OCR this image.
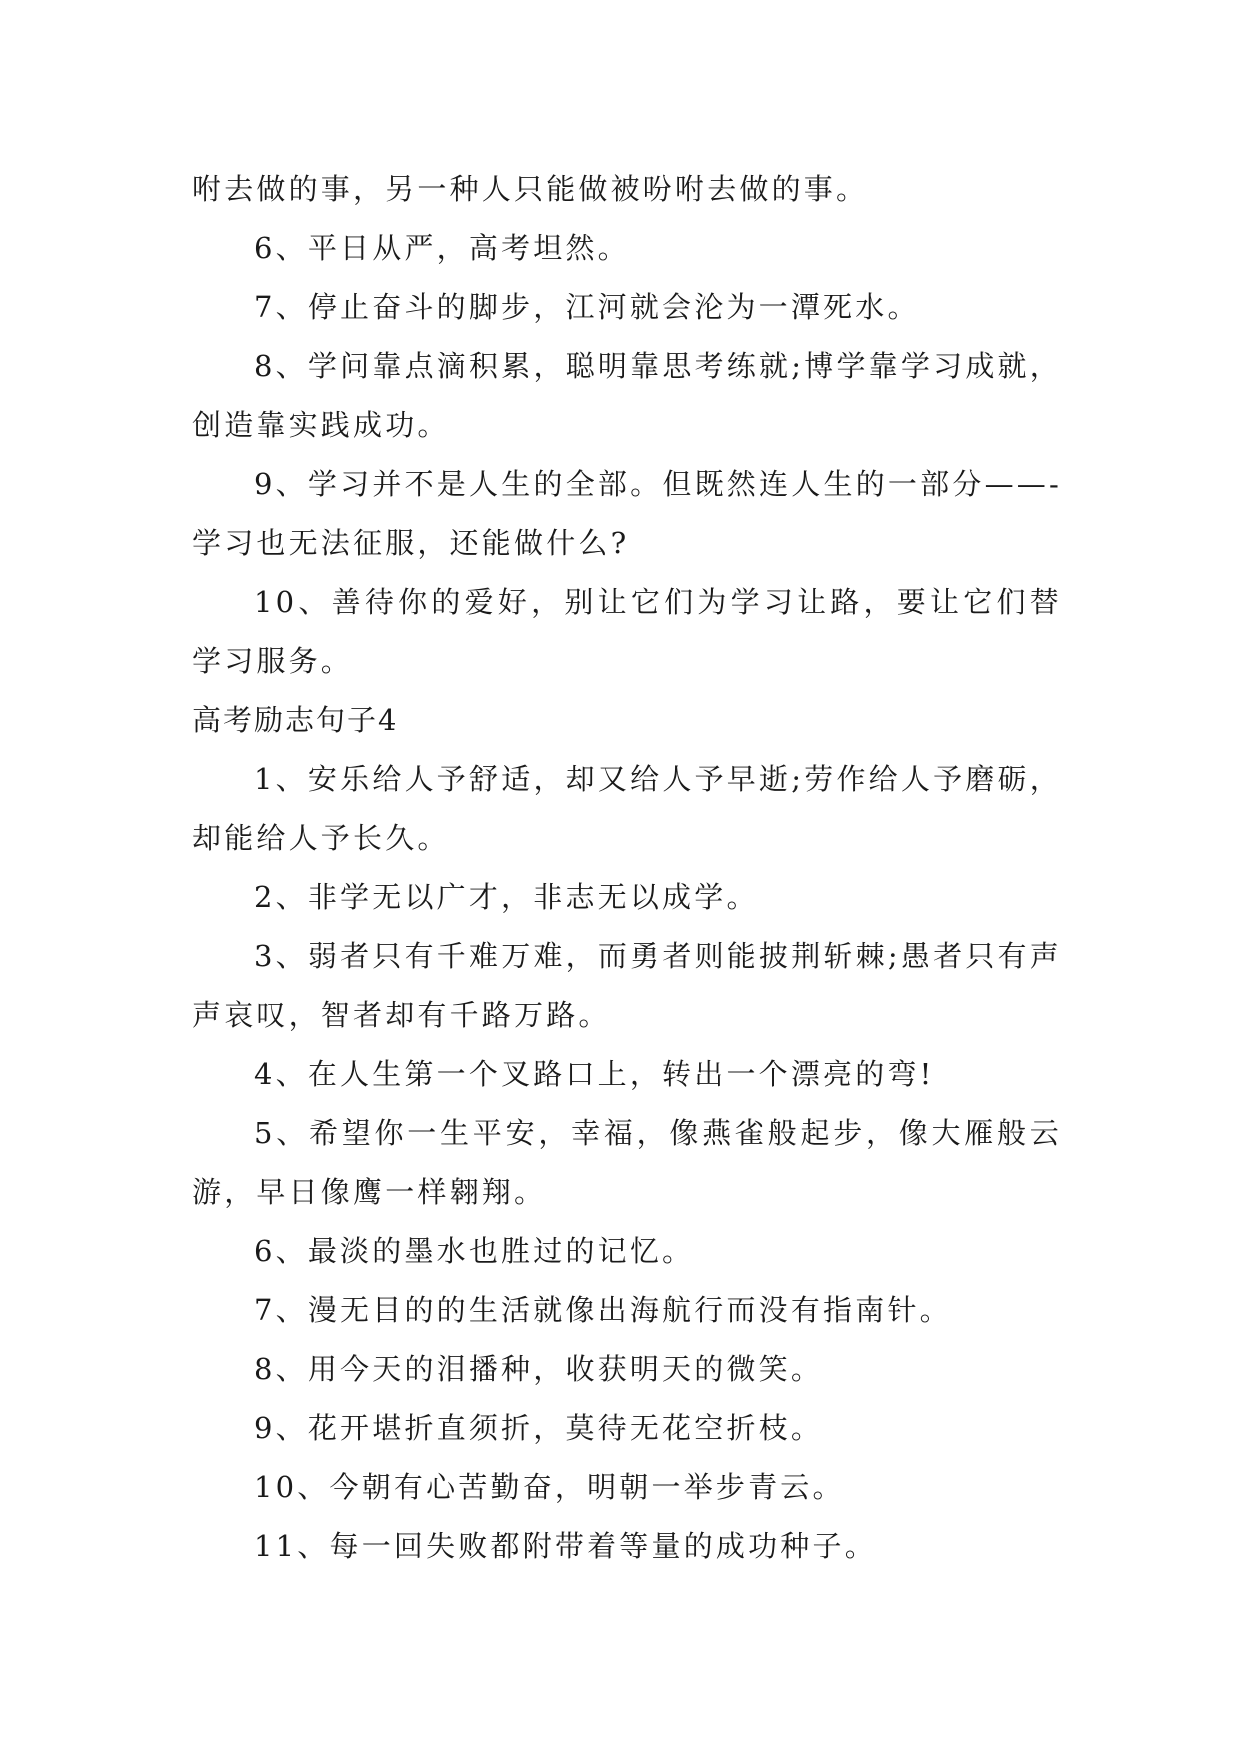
咐去做的事，另一种人只能做被吩咐去做的事。

6、平日从严，高考坦然。

7、停止奋斗的脚步，江河就会沦为一潭死水。

8、学问靠点滴积累，聪明靠思考练就;博学靠学习成就，创造靠实践成功。

9、学习并不是人生的全部。但既然连人生的一部分——-学习也无法征服，还能做什么?

10、善待你的爱好，别让它们为学习让路，要让它们替学习服务。

高考励志句子4

1、安乐给人予舒适，却又给人予早逝;劳作给人予磨砺，却能给人予长久。

2、非学无以广才，非志无以成学。

3、弱者只有千难万难，而勇者则能披荆斩棘;愚者只有声声哀叹，智者却有千路万路。

4、在人生第一个叉路口上，转出一个漂亮的弯!

5、希望你一生平安，幸福，像燕雀般起步，像大雁般云游，早日像鹰一样翱翔。

6、最淡的墨水也胜过的记忆。

7、漫无目的的生活就像出海航行而没有指南针。

8、用今天的泪播种，收获明天的微笑。

9、花开堪折直须折，莫待无花空折枝。

10、今朝有心苦勤奋，明朝一举步青云。

11、每一回失败都附带着等量的成功种子。
